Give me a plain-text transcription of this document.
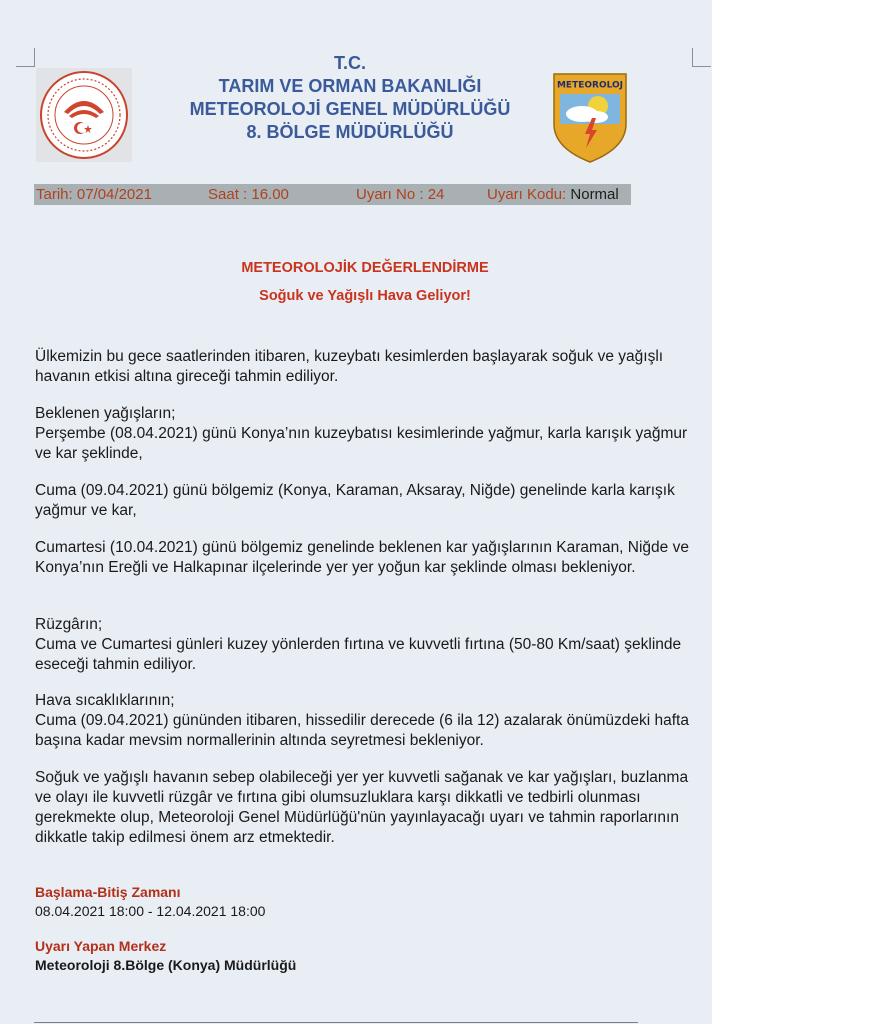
T.C.
TARIM VE ORMAN BAKANLIĞI
METEOROLOJİ GENEL MÜDÜRLÜĞÜ
8. BÖLGE MÜDÜRLÜĞÜ
METEOROLOJ
Tarih: 07/04/2021	Saat : 16.00	Uyarı No : 24	Uyarı Kodu: Normal
METEOROLOJİK DEĞERLENDİRME
Soğuk ve Yağışlı Hava Geliyor!

Ülkemizin bu gece saatlerinden itibaren, kuzeybatı kesimlerden başlayarak soğuk ve yağışlı havanın etkisi altına gireceği tahmin ediliyor.

Beklenen yağışların;

Perşembe (08.04.2021) günü Konya’nın kuzeybatısı kesimlerinde yağmur, karla karışık yağmur ve kar şeklinde,

Cuma (09.04.2021) günü bölgemiz (Konya, Karaman, Aksaray, Niğde) genelinde karla karışık yağmur ve kar,

Cumartesi (10.04.2021) günü bölgemiz genelinde beklenen kar yağışlarının Karaman, Niğde ve Konya’nın Ereğli ve Halkapınar ilçelerinde yer yer yoğun kar şeklinde olması bekleniyor.

Rüzgârın;

Cuma ve Cumartesi günleri kuzey yönlerden fırtına ve kuvvetli fırtına (50-80 Km/saat) şeklinde eseceği tahmin ediliyor.

Hava sıcaklıklarının;

Cuma (09.04.2021) gününden itibaren, hissedilir derecede (6 ila 12) azalarak önümüzdeki hafta başına kadar mevsim normallerinin altında seyretmesi bekleniyor.

Soğuk ve yağışlı havanın sebep olabileceği yer yer kuvvetli sağanak ve kar yağışları, buzlanma ve olayı ile kuvvetli rüzgâr ve fırtına gibi olumsuzluklara karşı dikkatli ve tedbirli olunması gerekmekte olup, Meteoroloji Genel Müdürlüğü'nün yayınlayacağı uyarı ve tahmin raporlarının dikkatle takip edilmesi önem arz etmektedir.

Başlama-Bitiş Zamanı

08.04.2021 18:00 - 12.04.2021 18:00

Uyarı Yapan Merkez

Meteoroloji 8.Bölge (Konya) Müdürlüğü
